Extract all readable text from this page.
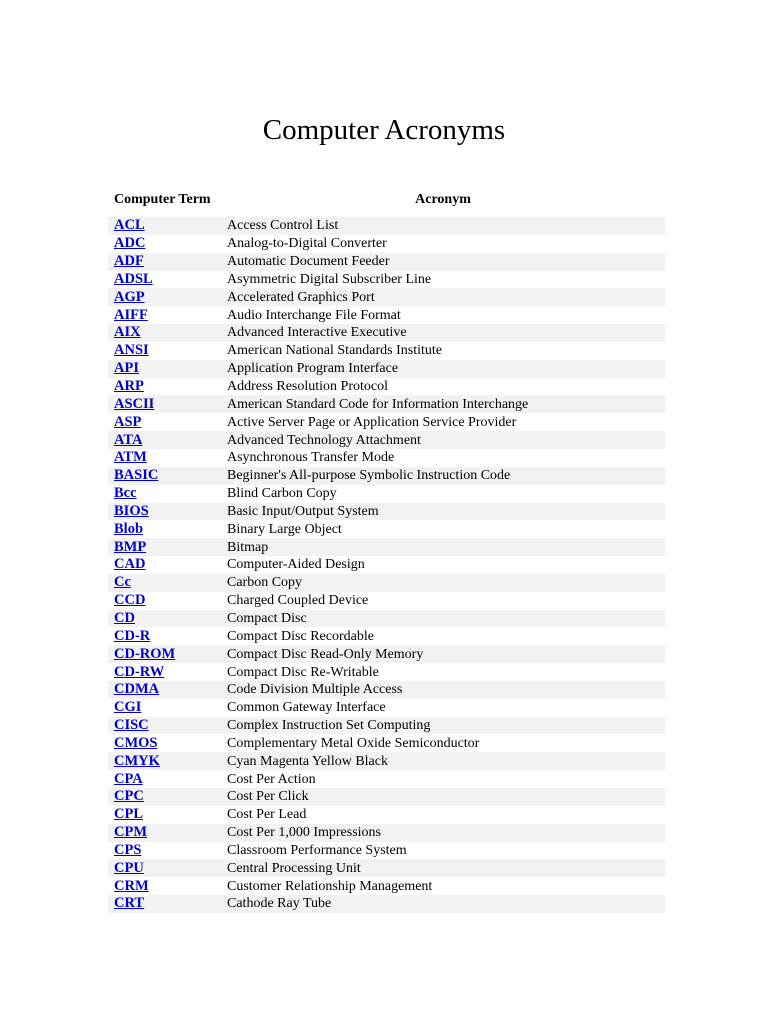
Computer Acronyms
Computer Term	Acronym
ACL	Access Control List
ADC	Analog-to-Digital Converter
ADF	Automatic Document Feeder
ADSL	Asymmetric Digital Subscriber Line
AGP	Accelerated Graphics Port
AIFF	Audio Interchange File Format
AIX	Advanced Interactive Executive
ANSI	American National Standards Institute
API	Application Program Interface
ARP	Address Resolution Protocol
ASCII	American Standard Code for Information Interchange
ASP	Active Server Page or Application Service Provider
ATA	Advanced Technology Attachment
ATM	Asynchronous Transfer Mode
BASIC	Beginner's All-purpose Symbolic Instruction Code
Bcc	Blind Carbon Copy
BIOS	Basic Input/Output System
Blob	Binary Large Object
BMP	Bitmap
CAD	Computer-Aided Design
Cc	Carbon Copy
CCD	Charged Coupled Device
CD	Compact Disc
CD-R	Compact Disc Recordable
CD-ROM	Compact Disc Read-Only Memory
CD-RW	Compact Disc Re-Writable
CDMA	Code Division Multiple Access
CGI	Common Gateway Interface
CISC	Complex Instruction Set Computing
CMOS	Complementary Metal Oxide Semiconductor
CMYK	Cyan Magenta Yellow Black
CPA	Cost Per Action
CPC	Cost Per Click
CPL	Cost Per Lead
CPM	Cost Per 1,000 Impressions
CPS	Classroom Performance System
CPU	Central Processing Unit
CRM	Customer Relationship Management
CRT	Cathode Ray Tube
